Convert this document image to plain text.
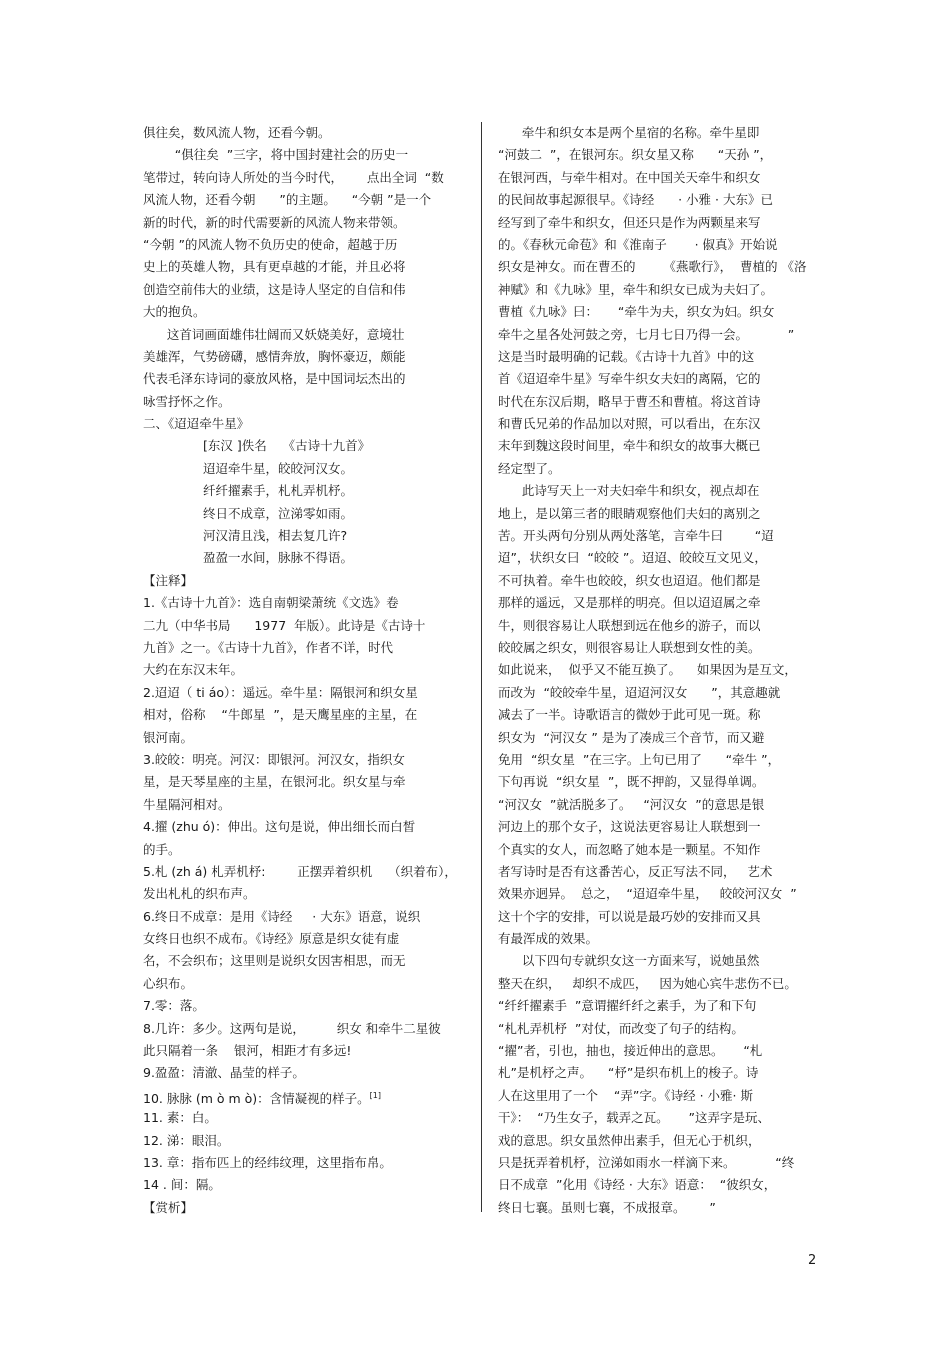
俱往矣，数风流人物，还看今朝。
“俱往矣  ”三字，将中国封建社会的历史一
笔带过，转向诗人所处的当今时代，      点出全词  “数
风流人物，还看今朝      ”的主题。    “今朝 ”是一个
新的时代，新的时代需要新的风流人物来带领。
“今朝 ”的风流人物不负历史的使命，超越于历
史上的英雄人物，具有更卓越的才能，并且必将
创造空前伟大的业绩，这是诗人坚定的自信和伟
大的抱负。
这首词画面雄伟壮阔而又妖娆美好，意境壮
美雄浑，气势磅礴，感情奔放，胸怀豪迈，颇能
代表毛泽东诗词的豪放风格，是中国词坛杰出的
咏雪抒怀之作。
二、《迢迢牵牛星》
[东汉 ]佚名    《古诗十九首》
迢迢牵牛星，皎皎河汉女。
纤纤擢素手，札札弄机杼。
终日不成章，泣涕零如雨。
河汉清且浅，相去复几许?
盈盈一水间，脉脉不得语。
【注释】
1.《古诗十九首》：选自南朝梁萧统《文选》卷
二九（中华书局      1977  年版）。此诗是《古诗十
九首》之一。《古诗十九首》，作者不详，时代
大约在东汉末年。
2.迢迢（ ti áo）：遥远。牵牛星：隔银河和织女星
相对，俗称    “牛郎星  ”，是天鹰星座的主星，在
银河南。
3.皎皎：明亮。河汉：即银河。河汉女，指织女
星，是天琴星座的主星，在银河北。织女星与牵
牛星隔河相对。
4.擢 (zhu ó)：伸出。这句是说，伸出细长而白皙
的手。
5.札 (zh á) 札弄机杼:        正摆弄着织机    （织着布），
发出札札的织布声。
6.终日不成章：是用《诗经     · 大东》语意，说织
女终日也织不成布。《诗经》原意是织女徒有虚
名，不会织布；这里则是说织女因害相思，而无
心织布。
7.零：落。
8.几许：多少。这两句是说，        织女 和牵牛二星彼
此只隔着一条    银河，相距才有多远!
9.盈盈：清澈、晶莹的样子。
10. 脉脉 (m ò m ò)：含情凝视的样子。[1]
11. 素：白。
12. 涕：眼泪。
13. 章：指布匹上的经纬纹理，这里指布帛。
14 . 间：隔。
【赏析】
牵牛和织女本是两个星宿的名称。牵牛星即
“河鼓二  ”，在银河东。织女星又称      “天孙 ”，
在银河西，与牵牛相对。在中国关天牵牛和织女
的民间故事起源很早。《诗经      · 小雅 · 大东》已
经写到了牵牛和织女，但还只是作为两颗星来写
的。《春秋元命苞》和《淮南子       · 俶真》开始说
织女是神女。而在曹丕的       《燕歌行》，  曹植的 《洛
神赋》和《九咏》里，牵牛和织女已成为夫妇了。
曹植《九咏》曰：     “牵牛为夫，织女为妇。织女
牵牛之星各处河鼓之旁，七月七日乃得一会。          ”
这是当时最明确的记载。《古诗十九首》中的这
首《迢迢牵牛星》写牵牛织女夫妇的离隔，它的
时代在东汉后期，略早于曹丕和曹植。将这首诗
和曹氏兄弟的作品加以对照，可以看出，在东汉
末年到魏这段时间里，牵牛和织女的故事大概已
经定型了。
此诗写天上一对夫妇牵牛和织女，视点却在
地上，是以第三者的眼睛观察他们夫妇的离别之
苦。开头两句分别从两处落笔，言牵牛曰        “迢
迢”，状织女曰  “皎皎 ”。迢迢、皎皎互文见义，
不可执着。牵牛也皎皎，织女也迢迢。他们都是
那样的遥远，又是那样的明亮。但以迢迢属之牵
牛，则很容易让人联想到远在他乡的游子，而以
皎皎属之织女，则很容易让人联想到女性的美。
如此说来，  似乎又不能互换了。    如果因为是互文，
而改为  “皎皎牵牛星，迢迢河汉女      ”，其意趣就
减去了一半。诗歌语言的微妙于此可见一斑。称
织女为  “河汉女 ” 是为了凑成三个音节，而又避
免用  “织女星  ”在三字。上句已用了      “牵牛 ”，
下句再说  “织女星  ”，既不押韵，又显得单调。
“河汉女  ”就活脱多了。   “河汉女  ”的意思是银
河边上的那个女子，这说法更容易让人联想到一
个真实的女人，而忽略了她本是一颗星。不知作
者写诗时是否有这番苦心，反正写法不同，   艺术
效果亦迥异。  总之，  “迢迢牵牛星，   皎皎河汉女  ”
这十个字的安排，可以说是最巧妙的安排而又具
有最浑成的效果。
以下四句专就织女这一方面来写，说她虽然
整天在织，   却织不成匹，   因为她心宾牛悲伤不已。
“纤纤擢素手  ”意谓擢纤纤之素手，为了和下句
“札札弄机杼  ”对仗，而改变了句子的结构。
“擢”者，引也，抽也，接近伸出的意思。     “札
札”是机杼之声。    “杼”是织布机上的梭子。诗
人在这里用了一个    “弄”字。《诗经 · 小雅· 斯
干》：  “乃生女子，载弄之瓦。     ”这弄字是玩、
戏的意思。织女虽然伸出素手，但无心于机织，
只是抚弄着机杼，泣涕如雨水一样滴下来。          “终
日不成章  ”化用《诗经 · 大东》语意：  “彼织女，
终日七襄。虽则七襄，不成报章。      ”
2
